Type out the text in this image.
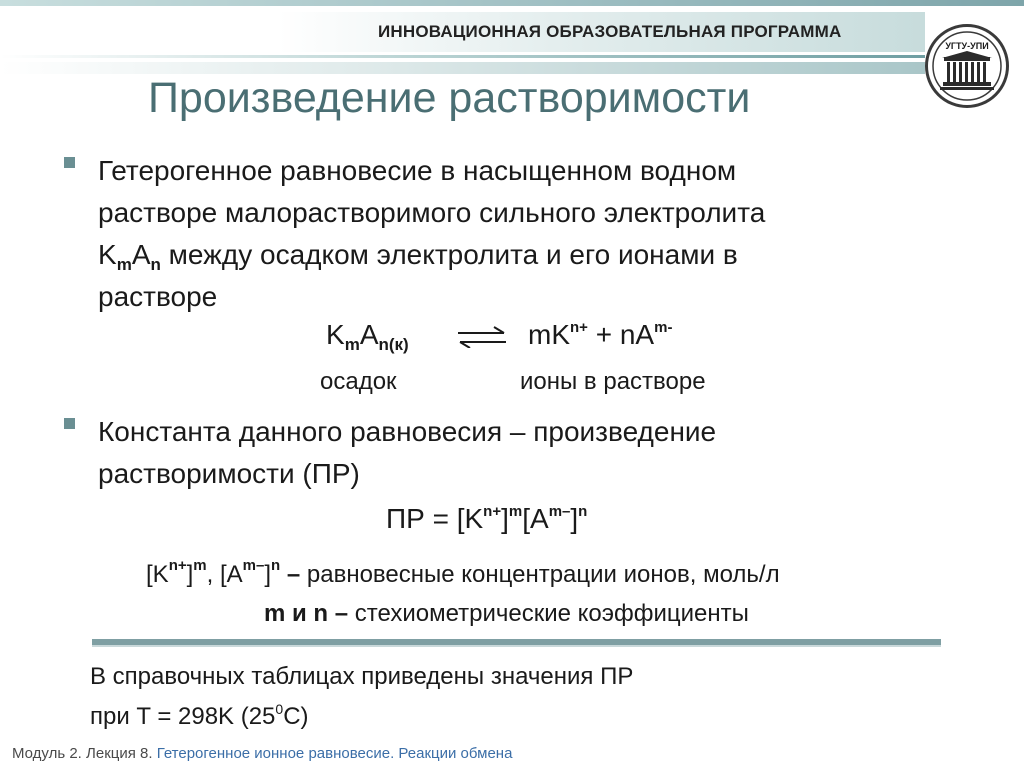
ИННОВАЦИОННАЯ ОБРАЗОВАТЕЛЬНАЯ ПРОГРАММА
УГТУ-УПИ
Произведение растворимости
Гетерогенное равновесие в насыщенном водном
растворе малорастворимого сильного электролита
$K_mA_n$ между осадком электролита и его ионами в
растворе
$K_mA_{n(к)}$	⇌ $mK^{n+} + nA^{m-}$
осадок	ионы в растворе
Константа данного равновесия – произведение
растворимости (ПР)
ПР = $[K^{n+}]^m[A^{m-}]^n$
$[K^{n+}]^m$, $[A^{m-}]^n$ – равновесные концентрации ионов, моль/л
m и n – стехиометрические коэффициенты
В справочных таблицах приведены значения ПР
при T = 298K $(25^0C)$
Модуль 2. Лекция 8. Гетерогенное ионное равновесие. Реакции обмена
